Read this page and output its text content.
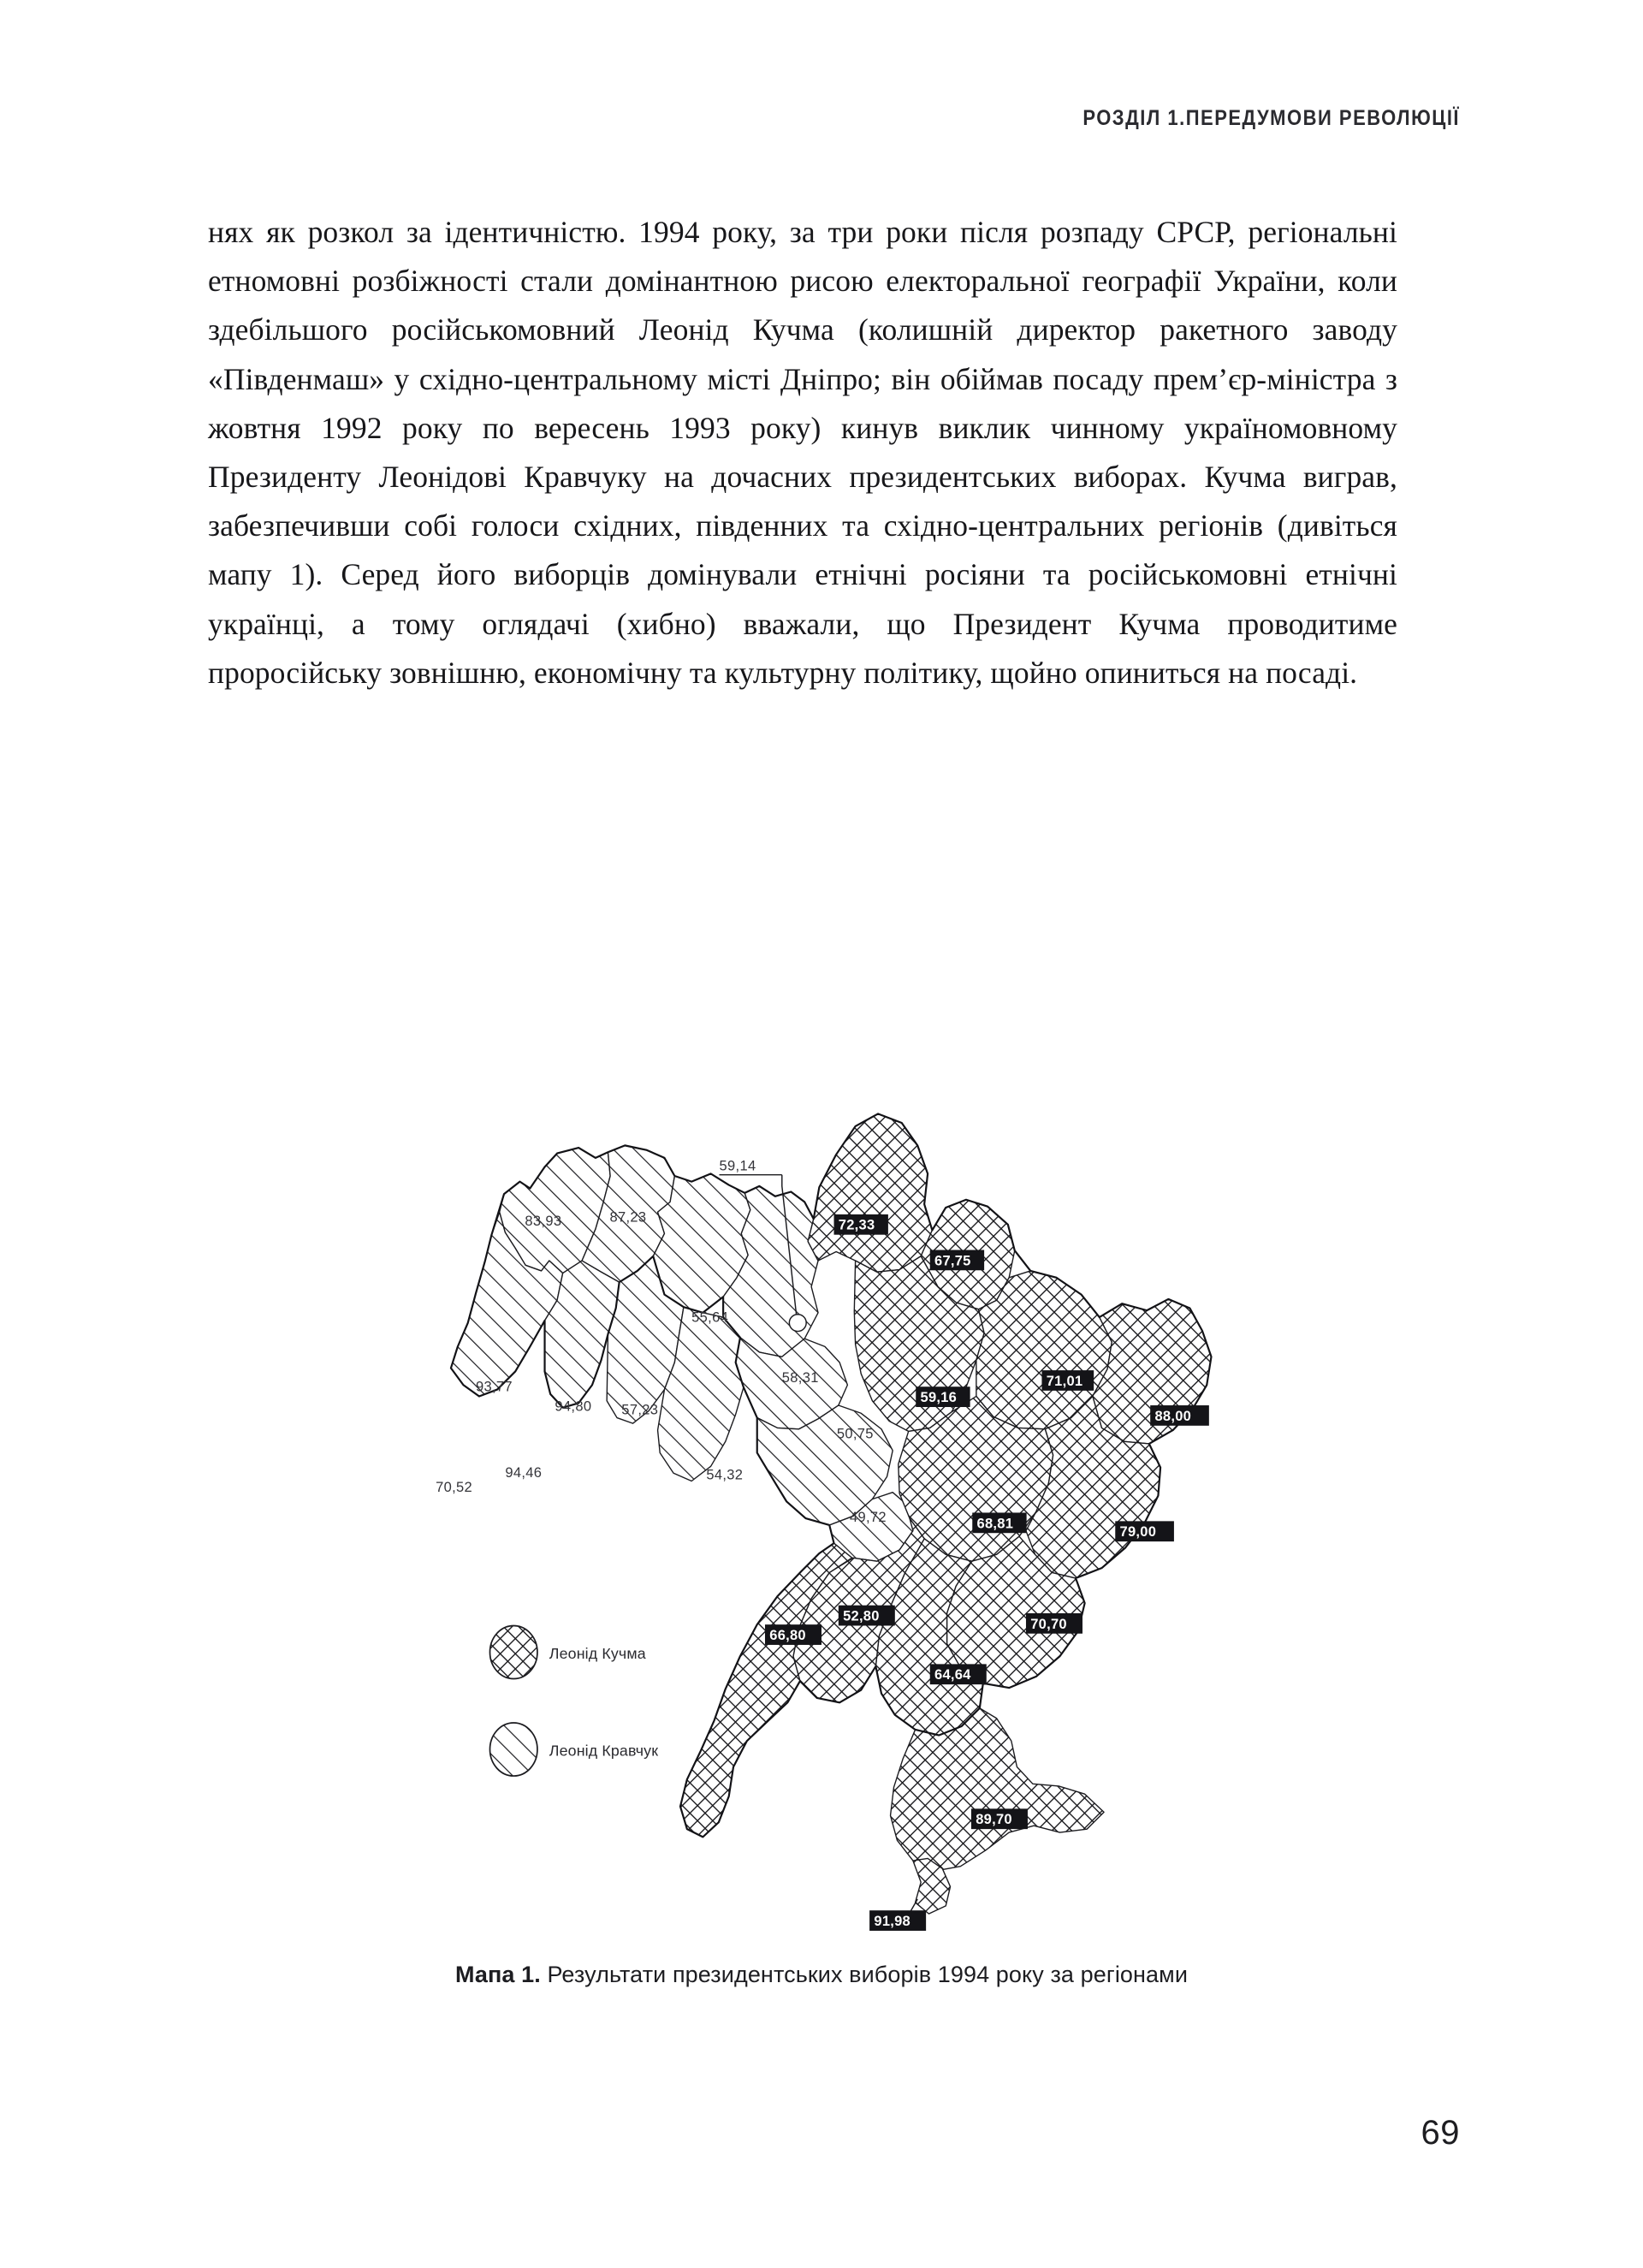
РОЗДІЛ 1.ПЕРЕДУМОВИ РЕВОЛЮЦІЇ

нях як розкол за ідентичністю. 1994 року, за три роки після розпаду СРСР, регіональні етномовні розбіжності стали домінантною рисою електоральної географії України, коли здебільшого російськомовний Леонід Кучма (колишній директор ракетного заводу «Південмаш» у східно-центральному місті Дніпро; він обіймав посаду прем’єр-міністра з жовтня 1992 року по вересень 1993 року) кинув виклик чинному україномовному Президенту Леонідові Кравчуку на дочасних президентських виборах. Кучма виграв, забезпечивши собі голоси східних, південних та східно-центральних регіонів (дивіться мапу 1). Серед його виборців домінували етнічні росіяни та російськомовні етнічні українці, а тому оглядачі (хибно) вважали, що Президент Кучма проводитиме проросійську зовнішню, економічну та культурну політику, щойно опиниться на посаді.

83,93 87,23
93,77
94,80 57,23
70,52
94,46
55,64
58,31
54,32
50,75
49,72
59,14
72,33
67,75
59,16
71,01
88,00
68,81
79,00
66,80
52,80
64,64
70,70
89,70
91,98
Леонід Кучма
Леонід Кравчук
Мапа 1. Результати президентських виборів 1994 року за регіонами
69
